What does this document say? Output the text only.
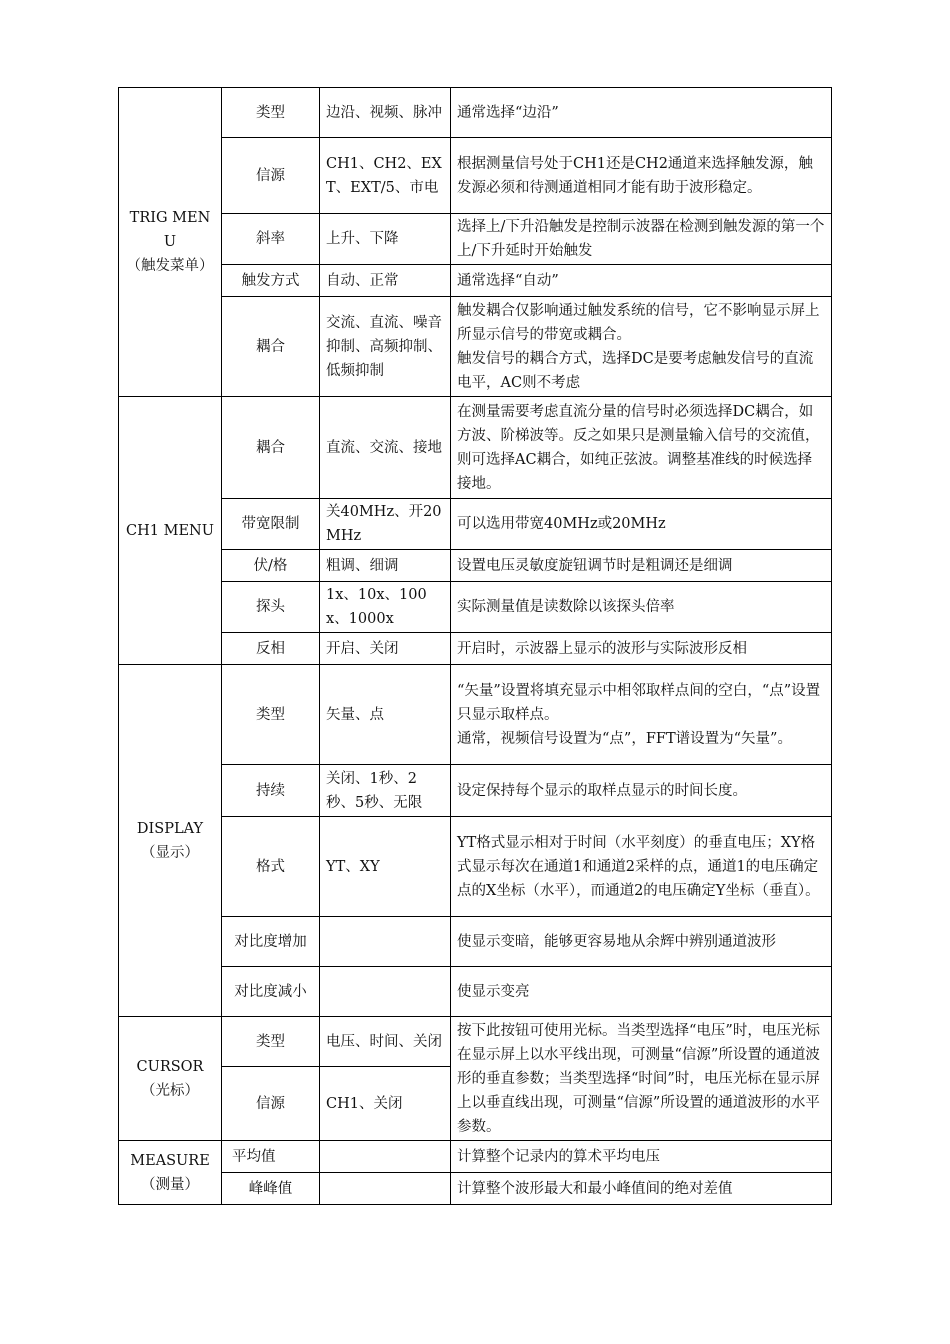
TRIG MENU
（触发菜单）	类型	边沿、视频、脉冲	通常选择“边沿”

	信源	CH1、CH2、EXT、EXT/5、市电	根据测量信号处于CH1还是CH2通道来选择触发源，触发源必须和待测通道相同才能有助于波形稳定。

	斜率	上升、下降	选择上/下升沿触发是控制示波器在检测到触发源的第一个上/下升延时开始触发

	触发方式	自动、正常	通常选择“自动”

	耦合	交流、直流、噪音抑制、高频抑制、低频抑制	触发耦合仅影响通过触发系统的信号，它不影响显示屏上所显示信号的带宽或耦合。
触发信号的耦合方式，选择DC是要考虑触发信号的直流电平，AC则不考虑

CH1 MENU	耦合	直流、交流、接地	在测量需要考虑直流分量的信号时必须选择DC耦合，如方波、阶梯波等。反之如果只是测量输入信号的交流值，则可选择AC耦合，如纯正弦波。调整基准线的时候选择接地。

	带宽限制	关40MHz、开20MHz	可以选用带宽40MHz或20MHz

	伏/格	粗调、细调	设置电压灵敏度旋钮调节时是粗调还是细调

	探头	1x、10x、100x、1000x	实际测量值是读数除以该探头倍率

	反相	开启、关闭	开启时，示波器上显示的波形与实际波形反相

DISPLAY
（显示）	类型	矢量、点	“矢量”设置将填充显示中相邻取样点间的空白，“点”设置只显示取样点。
通常，视频信号设置为“点”，FFT谱设置为“矢量”。

	持续	关闭、1秒、2秒、5秒、无限	设定保持每个显示的取样点显示的时间长度。

	格式	YT、XY	YT格式显示相对于时间（水平刻度）的垂直电压；XY格式显示每次在通道1和通道2采样的点，通道1的电压确定点的X坐标（水平），而通道2的电压确定Y坐标（垂直）。

	对比度增加		使显示变暗，能够更容易地从余辉中辨别通道波形

	对比度减小		使显示变亮

CURSOR
（光标）	类型	电压、时间、关闭	按下此按钮可使用光标。当类型选择“电压”时，电压光标在显示屏上以水平线出现，可测量“信源”所设置的通道波形的垂直参数；当类型选择“时间”时，电压光标在显示屏上以垂直线出现，可测量“信源”所设置的通道波形的水平参数。

	信源	CH1、关闭	

MEASURE
（测量）	平均值		计算整个记录内的算术平均电压

	峰峰值		计算整个波形最大和最小峰值间的绝对差值
